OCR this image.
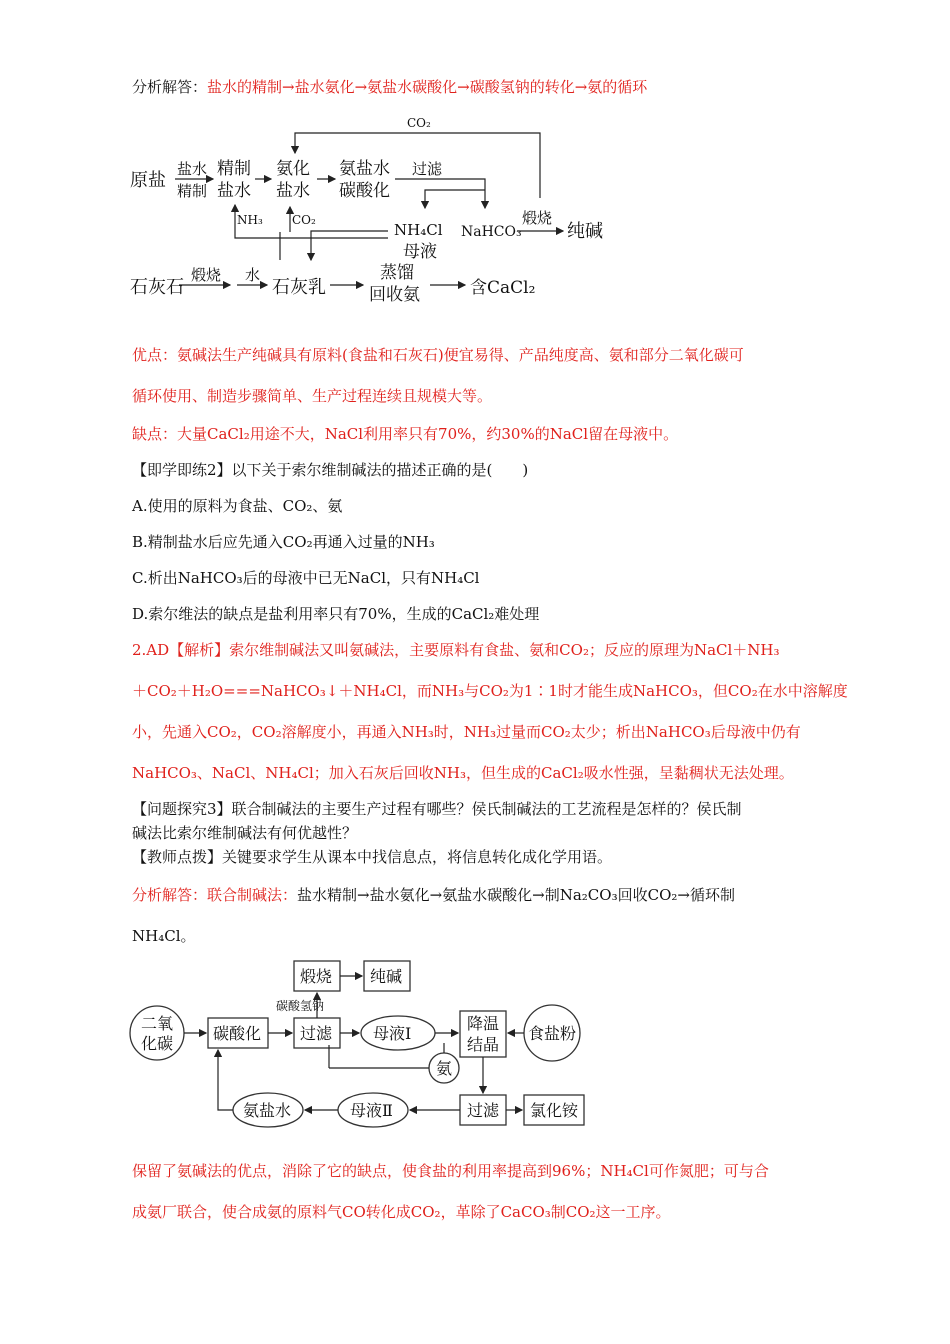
分析解答：盐水的精制→盐水氨化→氨盐水碳酸化→碳酸氢钠的转化→氨的循环
CO₂
原盐
盐水
精制
精制
盐水
氨化
盐水
氨盐水
碳酸化
过滤
NH₄Cl
母液
NaHCO₃
煅烧
纯碱
NH₃ CO₂
石灰石
煅烧 水
石灰乳
蒸馏
回收氨	含CaCl₂
优点：氨碱法生产纯碱具有原料(食盐和石灰石)便宜易得、产品纯度高、氨和部分二氧化碳可
循环使用、制造步骤简单、生产过程连续且规模大等。
缺点：大量CaCl₂用途不大，NaCl利用率只有70%，约30%的NaCl留在母液中。
【即学即练2】以下关于索尔维制碱法的描述正确的是(　　)
A.使用的原料为食盐、CO₂、氨
B.精制盐水后应先通入CO₂再通入过量的NH₃
C.析出NaHCO₃后的母液中已无NaCl，只有NH₄Cl
D.索尔维法的缺点是盐利用率只有70%，生成的CaCl₂难处理
2.AD【解析】索尔维制碱法又叫氨碱法，主要原料有食盐、氨和CO₂；反应的原理为NaCl＋NH₃
＋CO₂＋H₂O===NaHCO₃↓＋NH₄Cl，而NH₃与CO₂为1∶1时才能生成NaHCO₃，但CO₂在水中溶解度
小，先通入CO₂，CO₂溶解度小，再通入NH₃时，NH₃过量而CO₂太少；析出NaHCO₃后母液中仍有
NaHCO₃、NaCl、NH₄Cl；加入石灰后回收NH₃，但生成的CaCl₂吸水性强，呈黏稠状无法处理。
【问题探究3】联合制碱法的主要生产过程有哪些？侯氏制碱法的工艺流程是怎样的？侯氏制
碱法比索尔维制碱法有何优越性？
【教师点拨】关键要求学生从课本中找信息点，将信息转化成化学用语。
分析解答：联合制碱法：盐水精制→盐水氨化→氨盐水碳酸化→制Na₂CO₃回收CO₂→循环制
NH₄Cl。
二氧
化碳
碳酸化 过滤	母液Ⅰ
降温
结晶
食盐粉
煅烧 纯碱
碳酸氢钠
氨
氨盐水	母液Ⅱ	过滤 氯化铵
保留了氨碱法的优点，消除了它的缺点，使食盐的利用率提高到96%；NH₄Cl可作氮肥；可与合
成氨厂联合，使合成氨的原料气CO转化成CO₂，革除了CaCO₃制CO₂这一工序。
